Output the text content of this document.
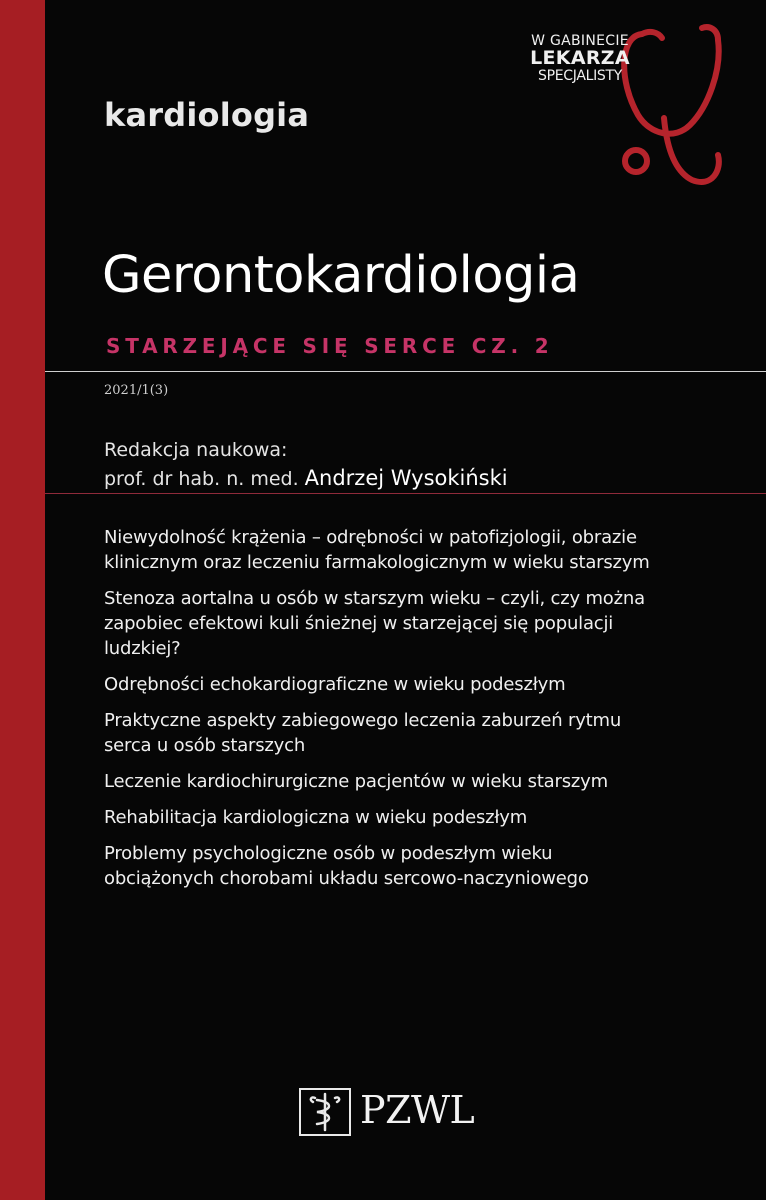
kardiologia
W GABINECIE
LEKARZA
SPECJALISTY
Gerontokardiologia
STARZEJĄCE SIĘ SERCE CZ. 2
2021/1(3)
Redakcja naukowa:
prof. dr hab. n. med. Andrzej Wysokiński
Niewydolność krążenia – odrębności w patofizjologii, obrazie klinicznym oraz leczeniu farmakologicznym w wieku starszym
Stenoza aortalna u osób w starszym wieku – czyli, czy można zapobiec efektowi kuli śnieżnej w starzejącej się populacji ludzkiej?
Odrębności echokardiograficzne w wieku podeszłym
Praktyczne aspekty zabiegowego leczenia zaburzeń rytmu serca u osób starszych
Leczenie kardiochirurgiczne pacjentów w wieku starszym
Rehabilitacja kardiologiczna w wieku podeszłym
Problemy psychologiczne osób w podeszłym wieku obciążonych chorobami układu sercowo-naczyniowego
PZWL
